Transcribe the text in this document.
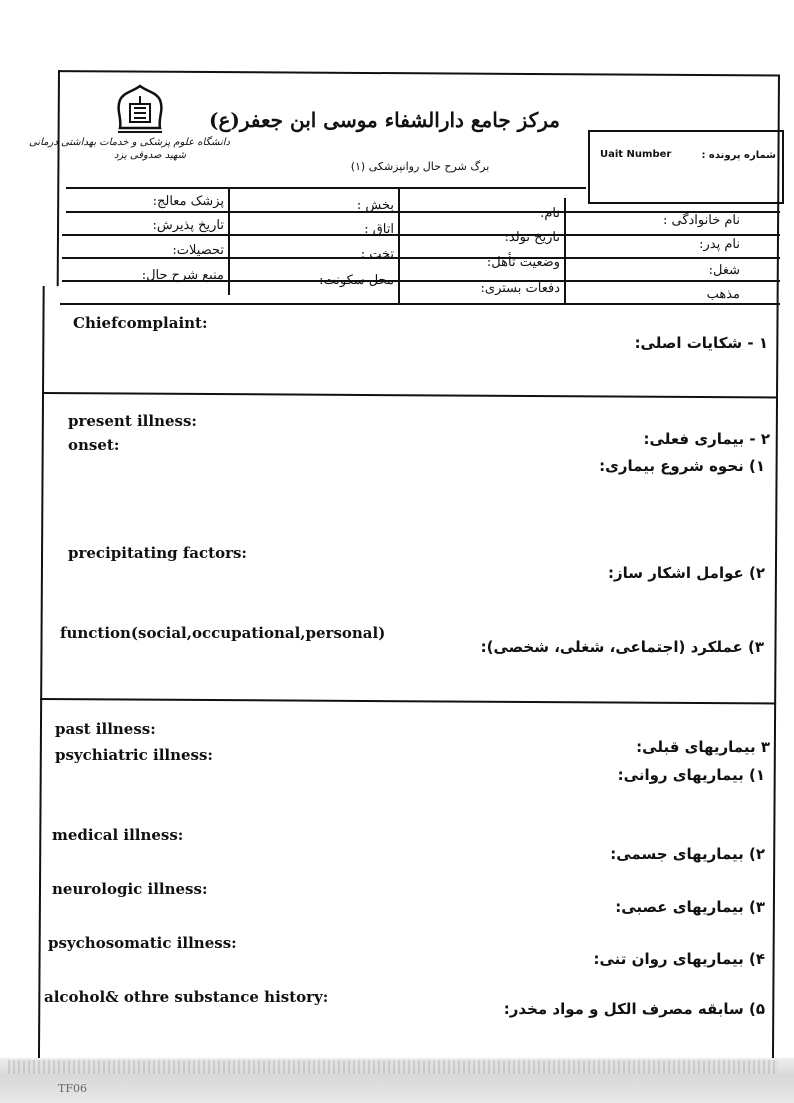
دانشگاه علوم پزشکی و خدمات بهداشتی درمانی
شهید صدوقی یزد
مرکز جامع دارالشفاء موسی ابن جعفر(ع)
برگ شرح حال روانپزشکی (۱)
شماره پرونده :
Uait Number
نام خانوادگی :
نام:
بخش :
پزشک معالج:
نام پدر:
تاریخ تولد:
اتاق :
تاریخ پذیرش:
شغل:
وضعیت تأهل:
تخت :
تحصیلات:
مذهب
دفعات بستری:
محل سکونت:
منبع شرح حال:
Chiefcomplaint:
۱ - شکایات اصلی:
present illness:
onset:	۲ - بیماری فعلی:
۱) نحوه شروع بیماری:
precipitating factors:
۲) عوامل اشکار ساز:
function(social,occupational,personal)
۳) عملکرد (اجتماعی، شغلی، شخصی):
past illness:
psychiatric illness:	۳ بیماریهای قبلی:
۱) بیماریهای روانی:
medical illness:
۲) بیماریهای جسمی:
neurologic illness:
۳) بیماریهای عصبی:
psychosomatic illness:
۴) بیماریهای روان تنی:
alcohol& othre substance history:
۵) سابقه مصرف الکل و مواد مخدر:
TF06
